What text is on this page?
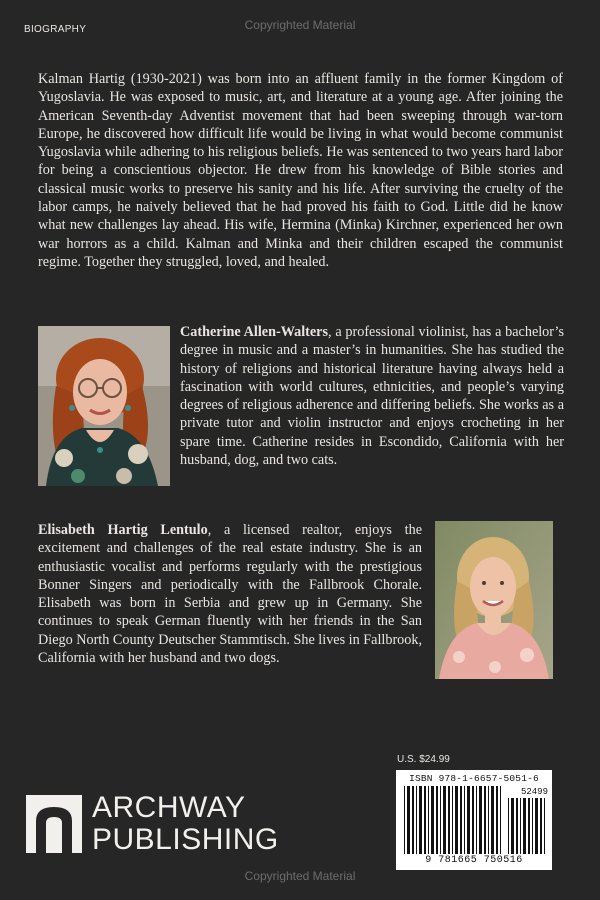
BIOGRAPHY	Copyrighted Material

Kalman Hartig (1930-2021) was born into an affluent family in the former Kingdom of Yugoslavia. He was exposed to music, art, and literature at a young age. After joining the American Seventh-day Adventist movement that had been sweeping through war-torn Europe, he discovered how difficult life would be living in what would become communist Yugoslavia while adhering to his religious beliefs. He was sentenced to two years hard labor for being a conscientious objector. He drew from his knowledge of Bible stories and classical music works to preserve his sanity and his life. After surviving the cruelty of the labor camps, he naively believed that he had proved his faith to God. Little did he know what new challenges lay ahead. His wife, Hermina (Minka) Kirchner, experienced her own war horrors as a child. Kalman and Minka and their children escaped the communist regime. Together they struggled, loved, and healed.

Catherine Allen-Walters, a professional violinist, has a bachelor’s degree in music and a master’s in humanities. She has studied the history of religions and historical literature having always held a fascination with world cultures, ethnicities, and people’s varying degrees of religious adherence and differing beliefs. She works as a private tutor and violin instructor and enjoys crocheting in her spare time. Catherine resides in Escondido, California with her husband, dog, and two cats.

Elisabeth Hartig Lentulo, a licensed realtor, enjoys the excitement and challenges of the real estate industry. She is an enthusiastic vocalist and performs regularly with the prestigious Bonner Singers and periodically with the Fallbrook Chorale. Elisabeth was born in Serbia and grew up in Germany. She continues to speak German fluently with her friends in the San Diego North County Deutscher Stammtisch. She lives in Fallbrook, California with her husband and two dogs.

ARCHWAY
PUBLISHING
U.S. $24.99
ISBN 978-1-6657-5051-6
52499
9 781665 750516
Copyrighted Material
